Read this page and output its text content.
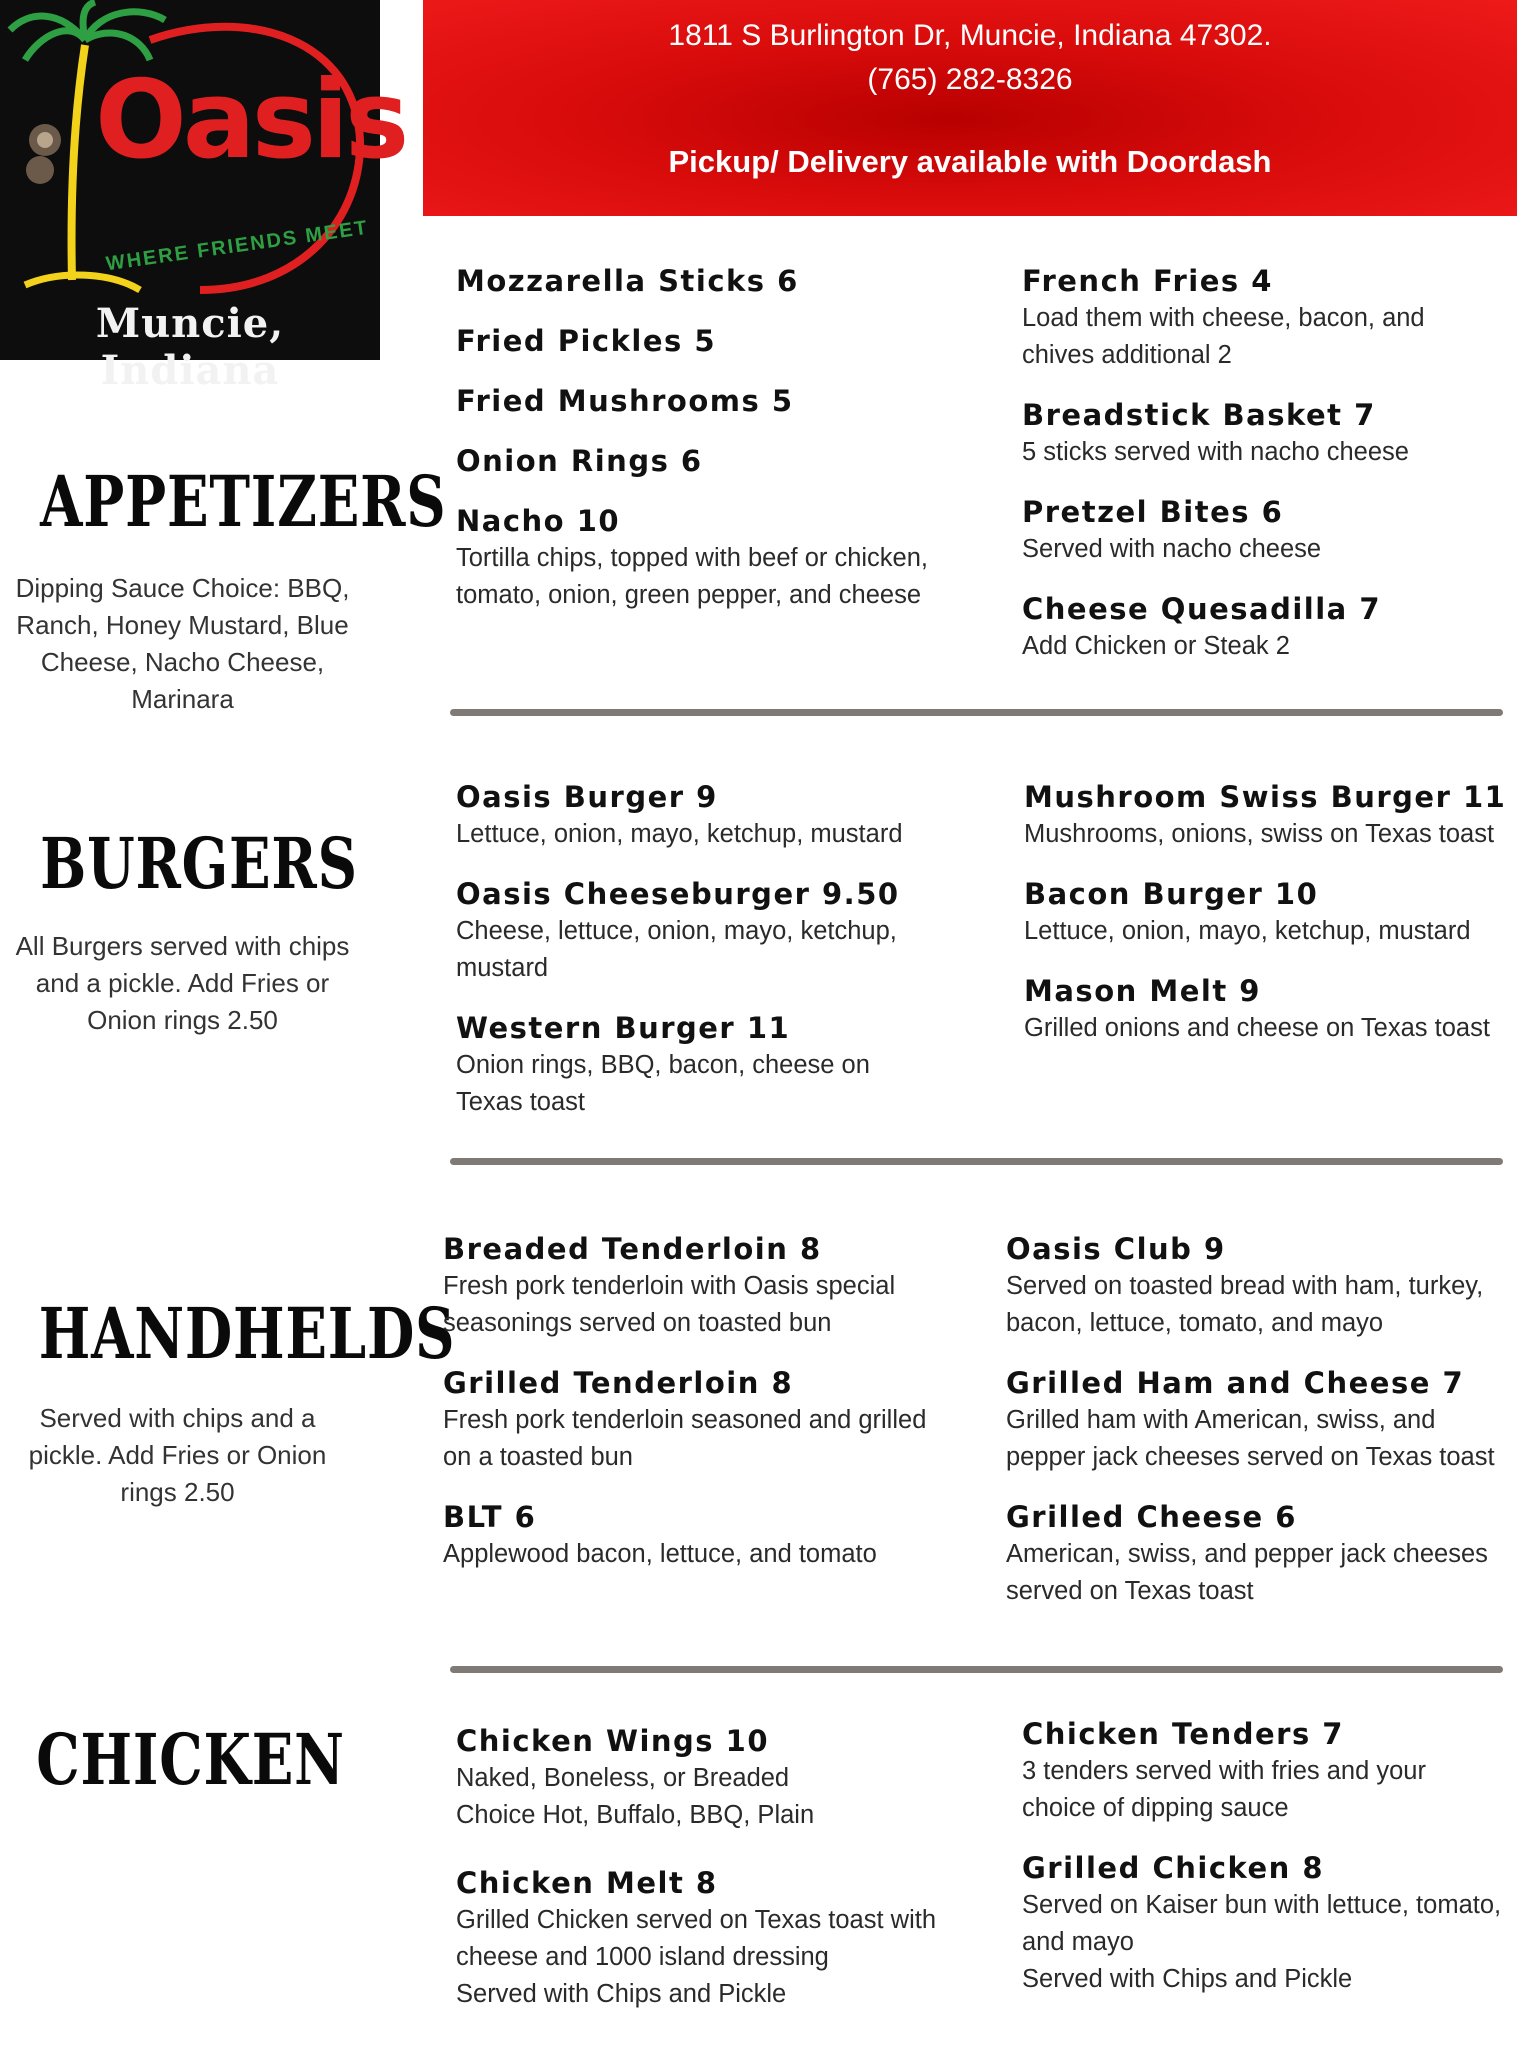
Oasis
WHERE FRIENDS MEET
Muncie, Indiana
1811 S Burlington Dr, Muncie, Indiana 47302.
(765) 282-8326
Pickup/ Delivery available with Doordash
APPETIZERS
Dipping Sauce Choice: BBQ, Ranch, Honey Mustard, Blue Cheese, Nacho Cheese, Marinara
Mozzarella Sticks 6
Fried Pickles 5
Fried Mushrooms 5
Onion Rings 6
Nacho 10
Tortilla chips, topped with beef or chicken, tomato, onion, green pepper, and cheese
French Fries 4
Load them with cheese, bacon, and chives additional 2
Breadstick Basket 7
5 sticks served with nacho cheese
Pretzel Bites 6
Served with nacho cheese
Cheese Quesadilla 7
Add Chicken or Steak 2
BURGERS
All Burgers served with chips and a pickle. Add Fries or Onion rings 2.50
Oasis Burger 9
Lettuce, onion, mayo, ketchup, mustard
Oasis Cheeseburger 9.50
Cheese, lettuce, onion, mayo, ketchup, mustard
Western Burger 11
Onion rings, BBQ, bacon, cheese on Texas toast
Mushroom Swiss Burger 11
Mushrooms, onions, swiss on Texas toast
Bacon Burger 10
Lettuce, onion, mayo, ketchup, mustard
Mason Melt 9
Grilled onions and cheese on Texas toast
HANDHELDS
Served with chips and a pickle. Add Fries or Onion rings 2.50
Breaded Tenderloin 8
Fresh pork tenderloin with Oasis special seasonings served on toasted bun
Grilled Tenderloin 8
Fresh pork tenderloin seasoned and grilled on a toasted bun
BLT 6
Applewood bacon, lettuce, and tomato
Oasis Club 9
Served on toasted bread with ham, turkey, bacon, lettuce, tomato, and mayo
Grilled Ham and Cheese 7
Grilled ham with American, swiss, and pepper jack cheeses served on Texas toast
Grilled Cheese 6
American, swiss, and pepper jack cheeses served on Texas toast
CHICKEN	Chicken Wings 10
Naked, Boneless, or Breaded
Choice Hot, Buffalo, BBQ, Plain
Chicken Melt 8
Grilled Chicken served on Texas toast with cheese and 1000 island dressing
Served with Chips and Pickle
Chicken Tenders 7
3 tenders served with fries and your choice of dipping sauce
Grilled Chicken 8
Served on Kaiser bun with lettuce, tomato, and mayo
Served with Chips and Pickle
